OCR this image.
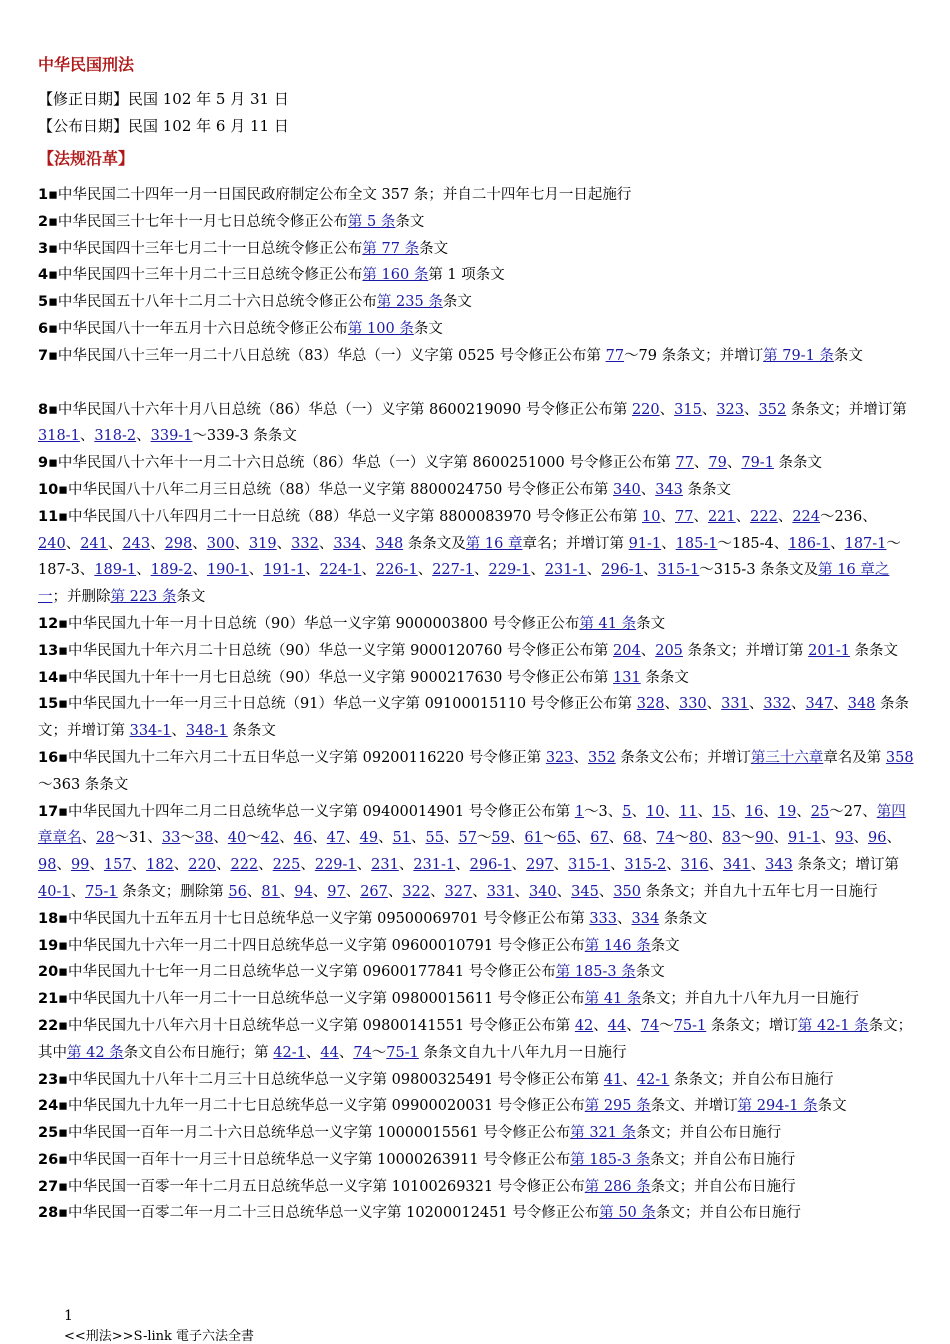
中华民国刑法
【修正日期】民国 102 年 5 月 31 日
【公布日期】民国 102 年 6 月 11 日
【法规沿革】
1▪中华民国二十四年一月一日国民政府制定公布全文 357 条；并自二十四年七月一日起施行
2▪中华民国三十七年十一月七日总统令修正公布第 5 条条文
3▪中华民国四十三年七月二十一日总统令修正公布第 77 条条文
4▪中华民国四十三年十月二十三日总统令修正公布第 160 条第 1 项条文
5▪中华民国五十八年十二月二十六日总统令修正公布第 235 条条文
6▪中华民国八十一年五月十六日总统令修正公布第 100 条条文
7▪中华民国八十三年一月二十八日总统（83）华总（一）义字第 0525 号令修正公布第 77～79 条条文；并增订第 79-1 条条文
8▪中华民国八十六年十月八日总统（86）华总（一）义字第 8600219090 号令修正公布第 220、315、323、352 条条文；并增订第 318-1、318-2、339-1～339-3 条条文
9▪中华民国八十六年十一月二十六日总统（86）华总（一）义字第 8600251000 号令修正公布第 77、79、79-1 条条文
10▪中华民国八十八年二月三日总统（88）华总一义字第 8800024750 号令修正公布第 340、343 条条文
11▪中华民国八十八年四月二十一日总统（88）华总一义字第 8800083970 号令修正公布第 10、77、221、222、224～236、240、241、243、298、300、319、332、334、348 条条文及第 16 章章名；并增订第 91-1、185-1～185-4、186-1、187-1～187-3、189-1、189-2、190-1、191-1、224-1、226-1、227-1、229-1、231-1、296-1、315-1～315-3 条条文及第 16 章之一；并删除第 223 条条文
12▪中华民国九十年一月十日总统（90）华总一义字第 9000003800 号令修正公布第 41 条条文
13▪中华民国九十年六月二十日总统（90）华总一义字第 9000120760 号令修正公布第 204、205 条条文；并增订第 201-1 条条文
14▪中华民国九十年十一月七日总统（90）华总一义字第 9000217630 号令修正公布第 131 条条文
15▪中华民国九十一年一月三十日总统（91）华总一义字第 09100015110 号令修正公布第 328、330、331、332、347、348 条条文；并增订第 334-1、348-1 条条文
16▪中华民国九十二年六月二十五日华总一义字第 09200116220 号令修正第 323、352 条条文公布；并增订第三十六章章名及第 358～363 条条文
17▪中华民国九十四年二月二日总统华总一义字第 09400014901 号令修正公布第 1～3、5、10、11、15、16、19、25～27、第四章章名、28～31、33～38、40～42、46、47、49、51、55、57～59、61～65、67、68、74～80、83～90、91-1、93、96、98、99、157、182、220、222、225、229-1、231、231-1、296-1、297、315-1、315-2、316、341、343 条条文；增订第 40-1、75-1 条条文；删除第 56、81、94、97、267、322、327、331、340、345、350 条条文；并自九十五年七月一日施行
18▪中华民国九十五年五月十七日总统华总一义字第 09500069701 号令修正公布第 333、334 条条文
19▪中华民国九十六年一月二十四日总统华总一义字第 09600010791 号令修正公布第 146 条条文
20▪中华民国九十七年一月二日总统华总一义字第 09600177841 号令修正公布第 185-3 条条文
21▪中华民国九十八年一月二十一日总统华总一义字第 09800015611 号令修正公布第 41 条条文；并自九十八年九月一日施行
22▪中华民国九十八年六月十日总统华总一义字第 09800141551 号令修正公布第 42、44、74～75-1 条条文；增订第 42-1 条条文；其中第 42 条条文自公布日施行；第 42-1、44、74～75-1 条条文自九十八年九月一日施行
23▪中华民国九十八年十二月三十日总统华总一义字第 09800325491 号令修正公布第 41、42-1 条条文；并自公布日施行
24▪中华民国九十九年一月二十七日总统华总一义字第 09900020031 号令修正公布第 295 条条文、并增订第 294-1 条条文
25▪中华民国一百年一月二十六日总统华总一义字第 10000015561 号令修正公布第 321 条条文；并自公布日施行
26▪中华民国一百年十一月三十日总统华总一义字第 10000263911 号令修正公布第 185-3 条条文；并自公布日施行
27▪中华民国一百零一年十二月五日总统华总一义字第 10100269321 号令修正公布第 286 条条文；并自公布日施行
28▪中华民国一百零二年一月二十三日总统华总一义字第 10200012451 号令修正公布第 50 条条文；并自公布日施行
1
<<刑法>>S-link 電子六法全書
